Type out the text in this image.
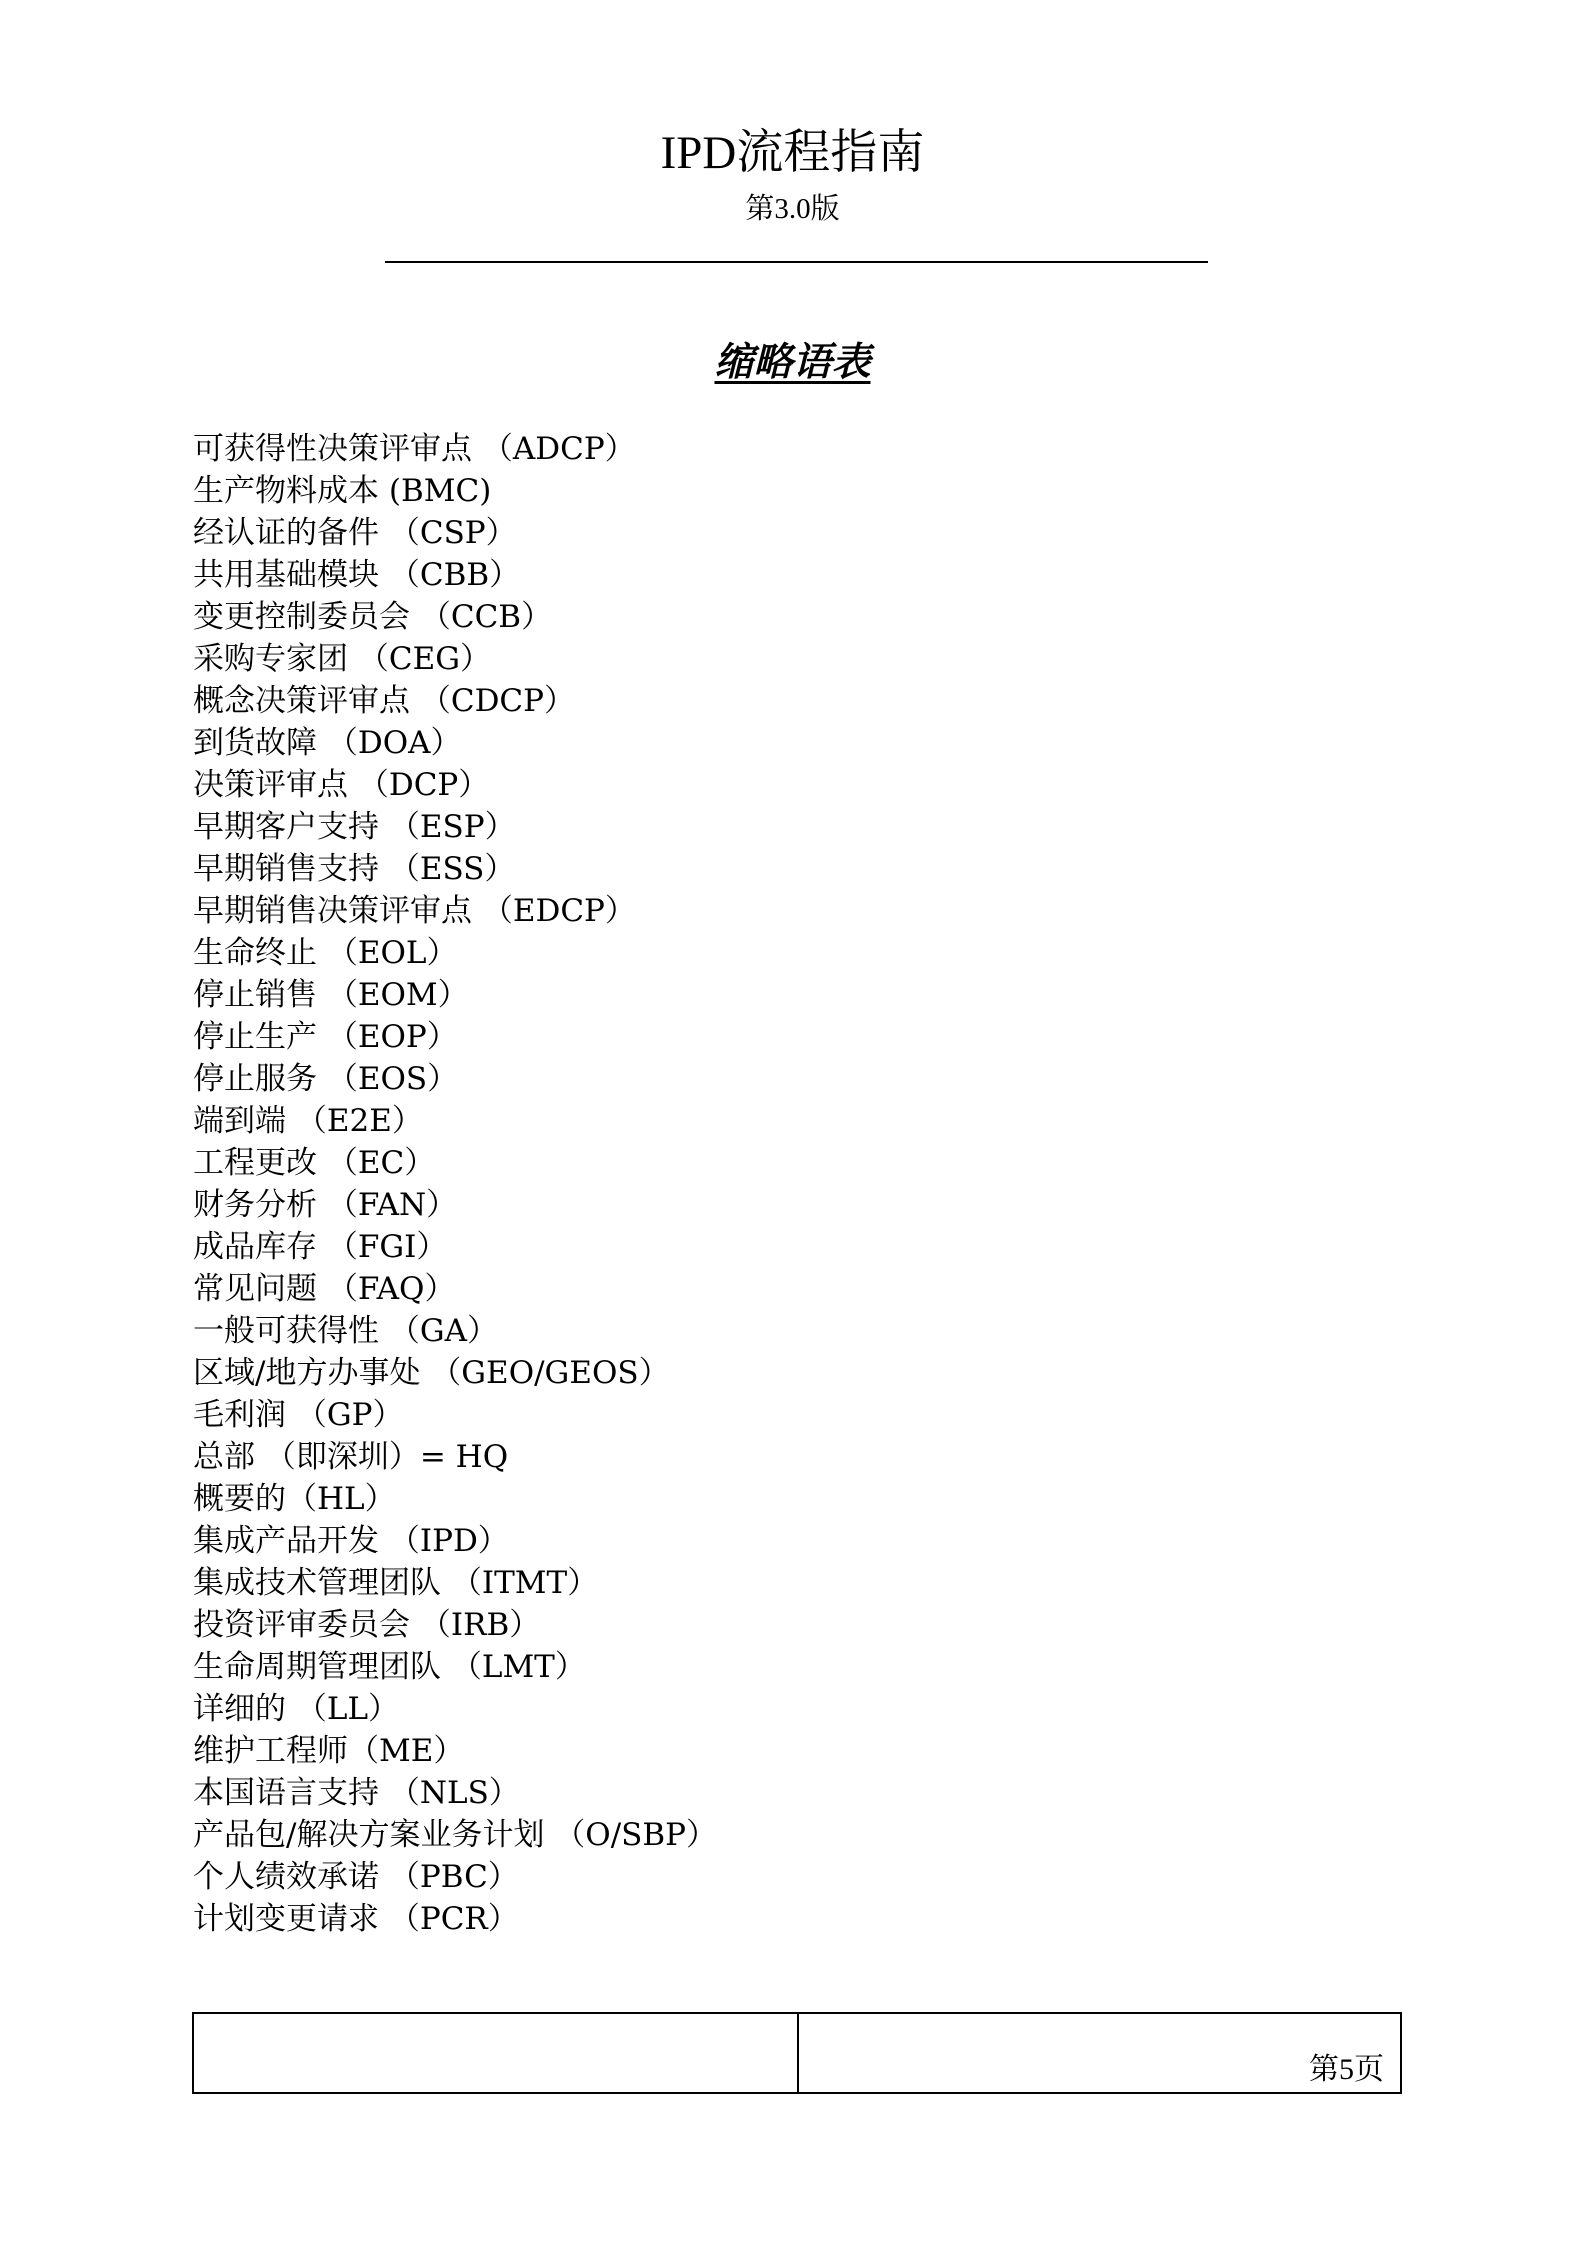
IPD流程指南
第3.0版
缩略语表
可获得性决策评审点 （ADCP）
生产物料成本 (BMC)
经认证的备件 （CSP）
共用基础模块 （CBB）
变更控制委员会 （CCB）
采购专家团 （CEG）
概念决策评审点 （CDCP）
到货故障 （DOA）
决策评审点 （DCP）
早期客户支持 （ESP）
早期销售支持 （ESS）
早期销售决策评审点 （EDCP）
生命终止 （EOL）
停止销售 （EOM）
停止生产 （EOP）
停止服务 （EOS）
端到端 （E2E）
工程更改 （EC）
财务分析 （FAN）
成品库存 （FGI）
常见问题 （FAQ）
一般可获得性 （GA）
区域/地方办事处 （GEO/GEOS）
毛利润 （GP）
总部 （即深圳）= HQ
概要的（HL）
集成产品开发 （IPD）
集成技术管理团队 （ITMT）
投资评审委员会 （IRB）
生命周期管理团队 （LMT）
详细的 （LL）
维护工程师（ME）
本国语言支持 （NLS）
产品包/解决方案业务计划 （O/SBP）
个人绩效承诺 （PBC）
计划变更请求 （PCR）
第5页
